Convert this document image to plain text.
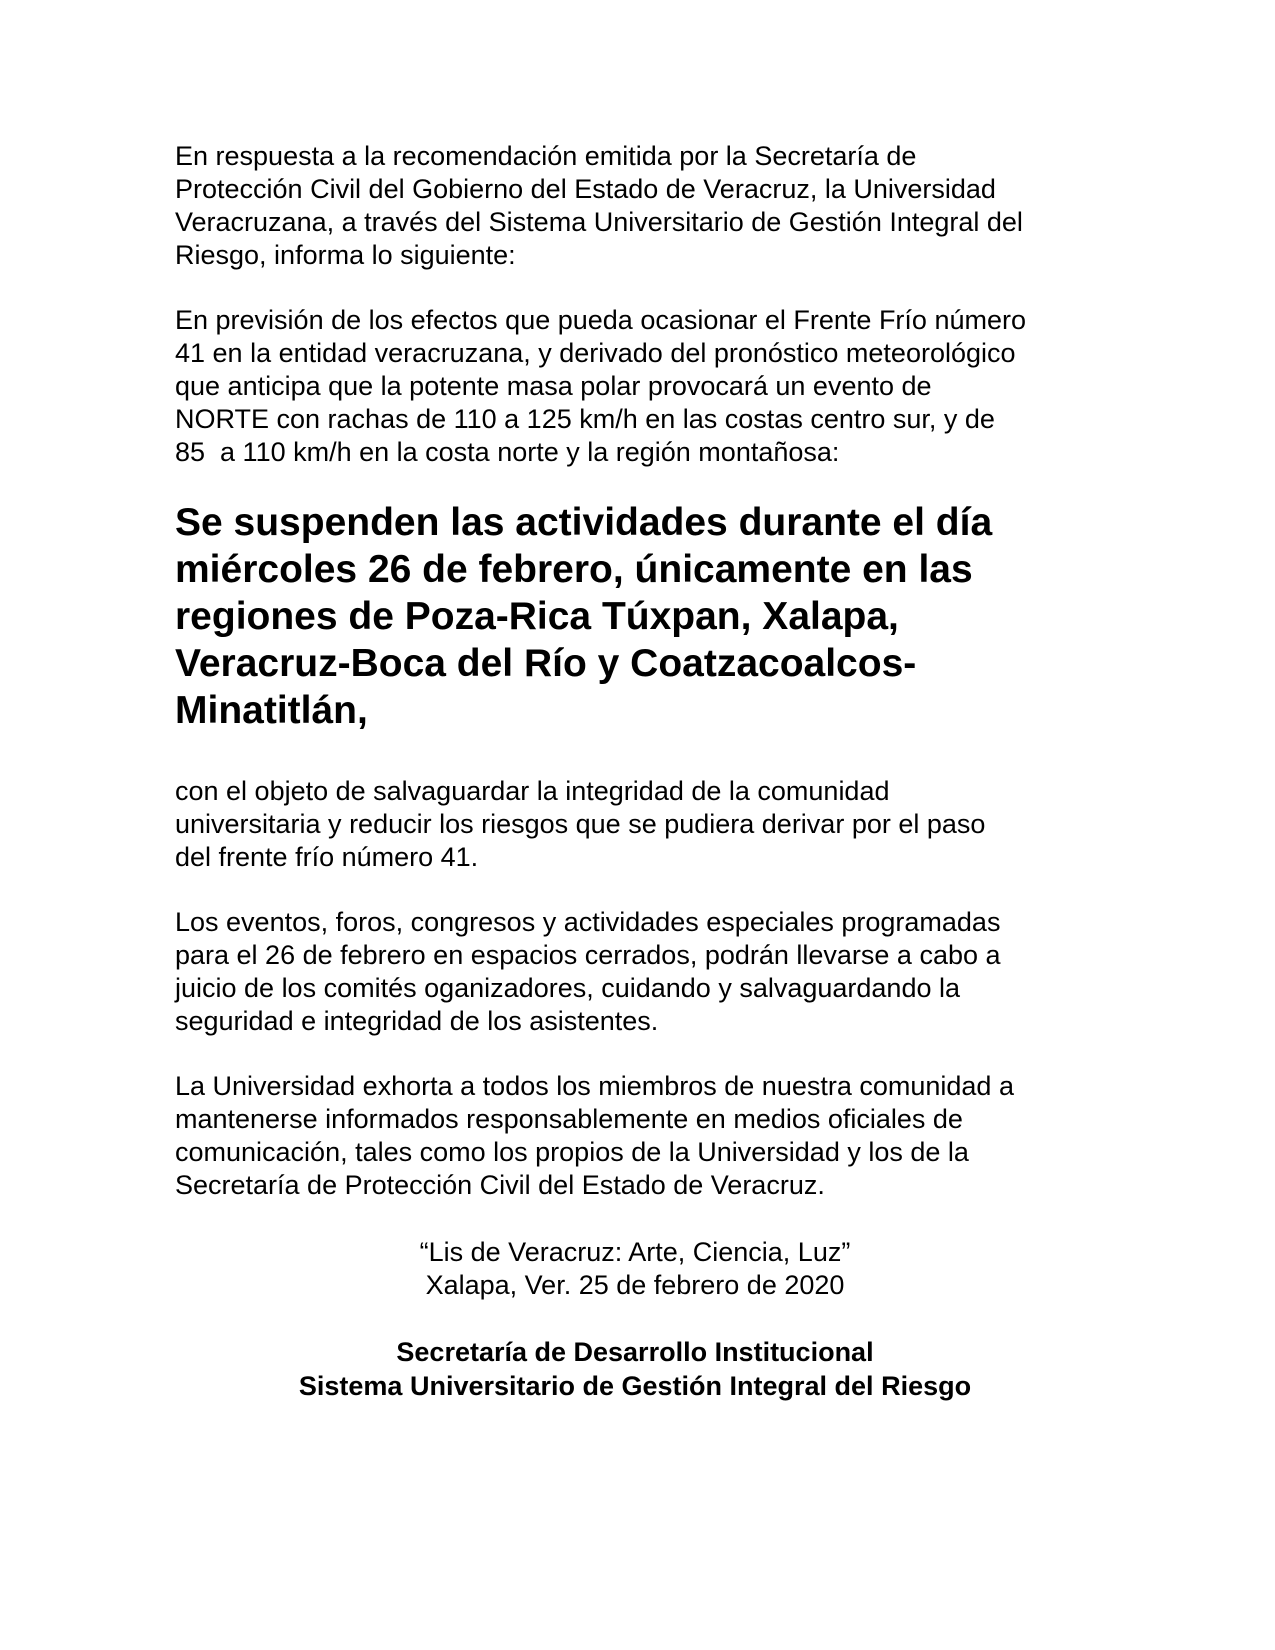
En respuesta a la recomendación emitida por la Secretaría de
Protección Civil del Gobierno del Estado de Veracruz, la Universidad
Veracruzana, a través del Sistema Universitario de Gestión Integral del
Riesgo, informa lo siguiente:

En previsión de los efectos que pueda ocasionar el Frente Frío número
41 en la entidad veracruzana, y derivado del pronóstico meteorológico
que anticipa que la potente masa polar provocará un evento de
NORTE con rachas de 110 a 125 km/h en las costas centro sur, y de
85  a 110 km/h en la costa norte y la región montañosa:

Se suspenden las actividades durante el día
miércoles 26 de febrero, únicamente en las
regiones de Poza-Rica Túxpan, Xalapa,
Veracruz-Boca del Río y Coatzacoalcos-
Minatitlán,

con el objeto de salvaguardar la integridad de la comunidad
universitaria y reducir los riesgos que se pudiera derivar por el paso
del frente frío número 41.

Los eventos, foros, congresos y actividades especiales programadas
para el 26 de febrero en espacios cerrados, podrán llevarse a cabo a
juicio de los comités oganizadores, cuidando y salvaguardando la
seguridad e integridad de los asistentes.

La Universidad exhorta a todos los miembros de nuestra comunidad a
mantenerse informados responsablemente en medios oficiales de
comunicación, tales como los propios de la Universidad y los de la
Secretaría de Protección Civil del Estado de Veracruz.

“Lis de Veracruz: Arte, Ciencia, Luz”
Xalapa, Ver. 25 de febrero de 2020
Secretaría de Desarrollo Institucional
Sistema Universitario de Gestión Integral del Riesgo
